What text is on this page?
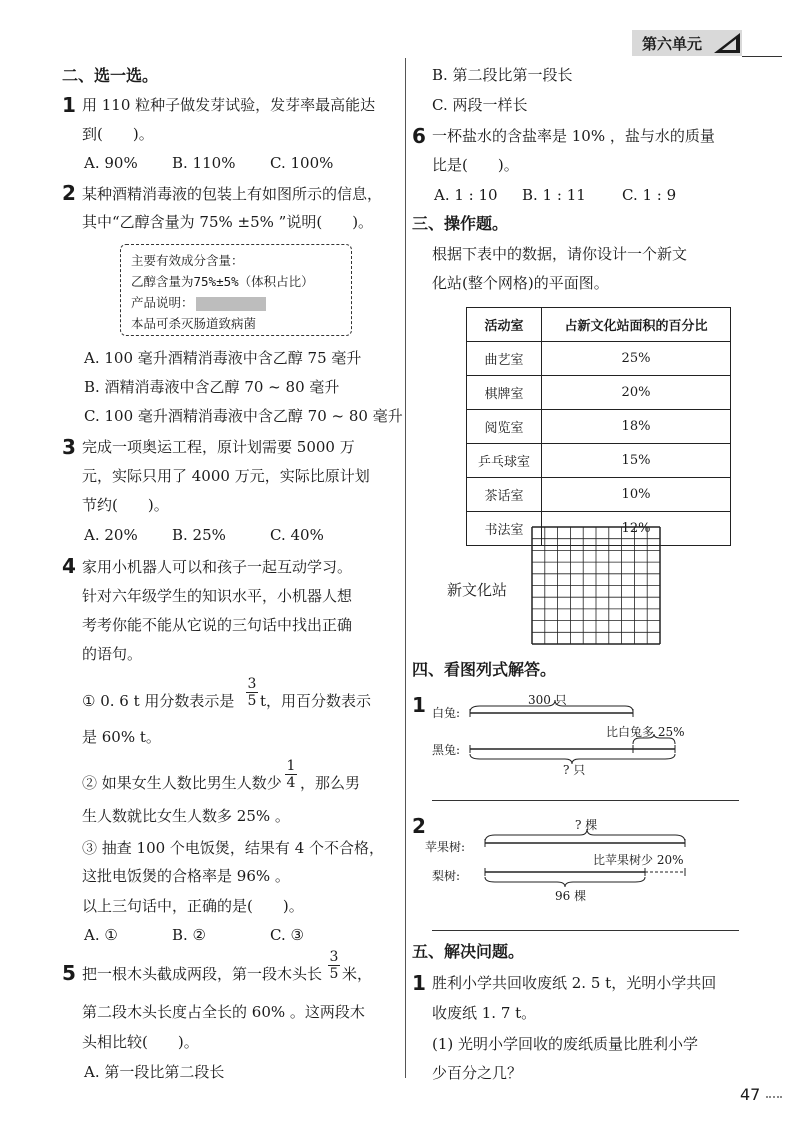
第六单元
二、选一选。
1 用 110 粒种子做发芽试验，发芽率最高能达
到(　　)。
A. 90% B. 110% C. 100%
2 某种酒精消毒液的包装上有如图所示的信息，
其中“乙醇含量为 75% ±5% ”说明(　　)。
主要有效成分含量：
乙醇含量为75%±5%（体积占比）
产品说明：
本品可杀灭肠道致病菌
A. 100 毫升酒精消毒液中含乙醇 75 毫升
B. 酒精消毒液中含乙醇 70 ~ 80 毫升
C. 100 毫升酒精消毒液中含乙醇 70 ~ 80 毫升
3 完成一项奥运工程，原计划需要 5000 万
元，实际只用了 4000 万元，实际比原计划
节约(　　)。
A. 20% B. 25%	C. 40%
4 家用小机器人可以和孩子一起互动学习。
针对六年级学生的知识水平，小机器人想
考考你能不能从它说的三句话中找出正确
的语句。
① 0. 6 t 用分数表示是
3
5 t，用百分数表示
是 60% t。
② 如果女生人数比男生人数少
1
4 ，那么男
生人数就比女生人数多 25% 。
③ 抽查 100 个电饭煲，结果有 4 个不合格，
这批电饭煲的合格率是 96% 。
以上三句话中，正确的是(　　)。
A. ①	B. ②	C. ③
5 把一根木头截成两段，第一段木头长
3
5 米，
第二段木头长度占全长的 60% 。这两段木
头相比较(　　)。
A. 第一段比第二段长
B. 第二段比第一段长
C. 两段一样长
6 一杯盐水的含盐率是 10% ，盐与水的质量
比是(　　)。
A. 1 : 10 B. 1 : 11 C. 1 : 9
三、操作题。
根据下表中的数据，请你设计一个新文
化站(整个网格)的平面图。
活动室	占新文化站面积的百分比
曲艺室	25%
棋牌室	20%
阅览室	18%
乒乓球室	15%
茶话室	10%
书法室	12%
新文化站
四、看图列式解答。
1 白兔:
黑兔:
300 只
比白兔多 25%
? 只
2
苹果树:
梨树:
? 棵
比苹果树少 20%
96 棵
五、解决问题。
1 胜利小学共回收废纸 2. 5 t，光明小学共回
收废纸 1. 7 t。
(1) 光明小学回收的废纸质量比胜利小学
少百分之几？
47
